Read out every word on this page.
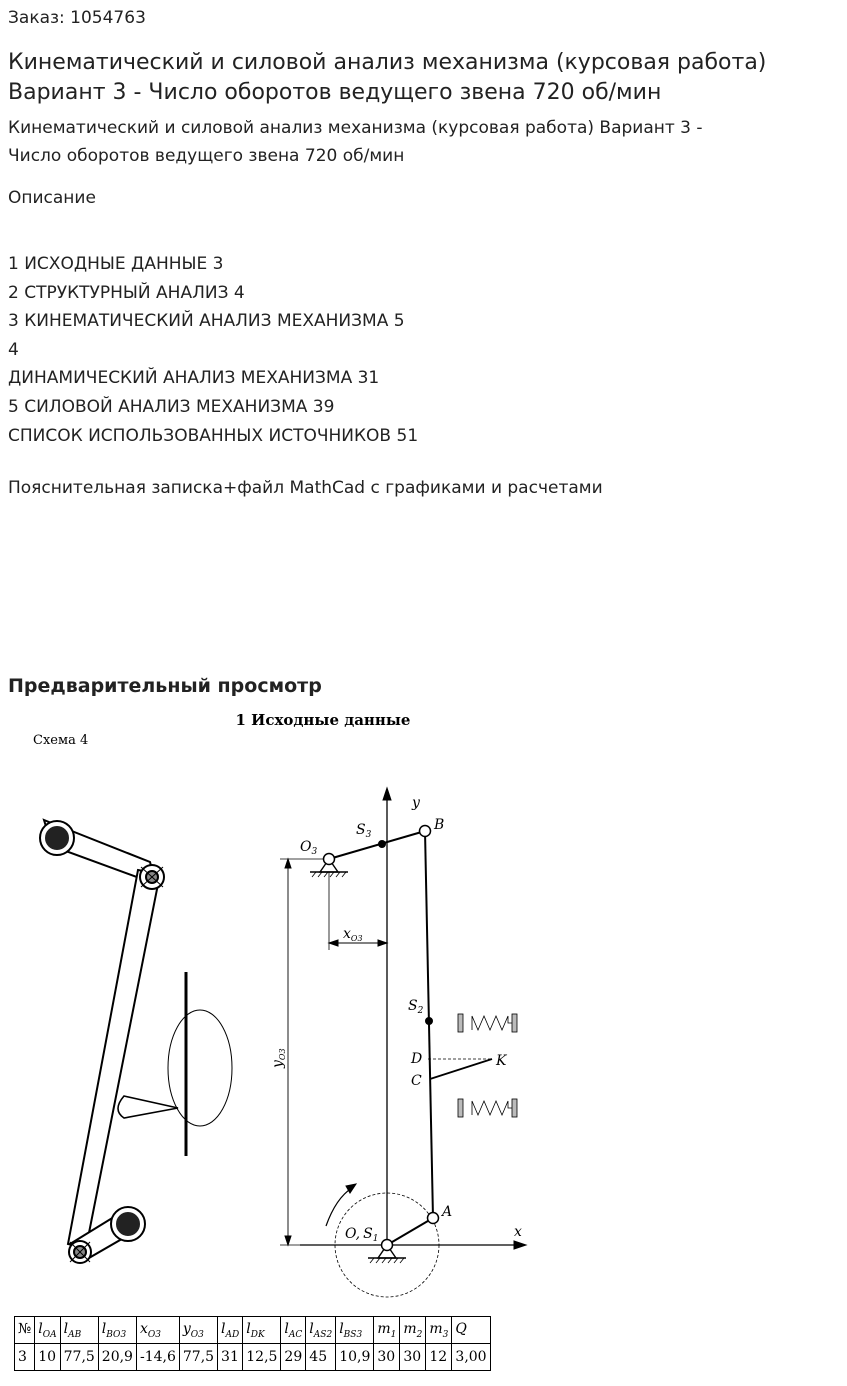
Заказ: 1054763
Кинематический и силовой анализ механизма (курсовая работа)
Вариант 3 - Число оборотов ведущего звена 720 об/мин
Кинематический и силовой анализ механизма (курсовая работа) Вариант 3 -
Числo оборотов ведущего звена 720 об/мин
Описание
1 ИСХОДНЫЕ ДАННЫЕ 3
2 СТРУКТУРНЫЙ АНАЛИЗ 4
3 КИНЕМАТИЧЕСКИЙ АНАЛИЗ МЕХАНИЗМА 5
4
ДИНАМИЧЕСКИЙ АНАЛИЗ МЕХАНИЗМА 31
5 СИЛОВОЙ АНАЛИЗ МЕХАНИЗМА 39
СПИСОК ИСПОЛЬЗОВАННЫХ ИСТОЧНИКОВ 51
Пояснительная записка+файл MathCad с графиками и расчетами
Предварительный просмотр
1 Исходные данные
Схема 4
$O_3$
$S_3$
B
y
$x_{O3}$
$y_{O3}$
$S_2$
D
C
K
A
O, $S_1$	x
№	$l_{OA}$	$l_{AB}$	$l_{BO3}$	$x_{O3}$	$y_{O3}$	$l_{AD}$	$l_{DK}$	$l_{AC}$	$l_{AS2}$	$l_{BS3}$	$m_1$	$m_2$	$m_3$	Q
3	10	77,5	20,9	-14,6	77,5	31	12,5	29	45	10,9	30	30	12	3,00
